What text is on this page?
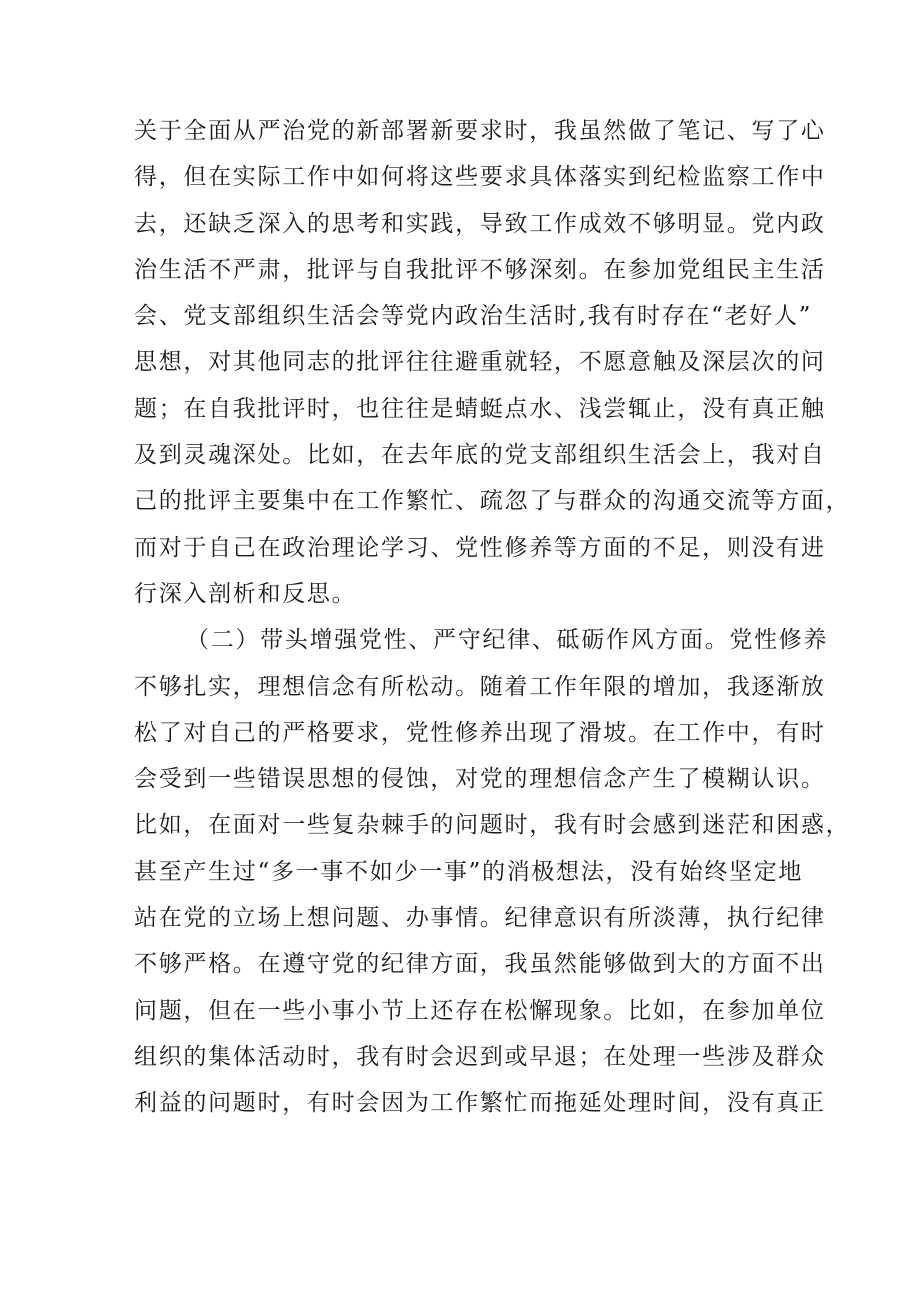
关于全面从严治党的新部署新要求时，我虽然做了笔记、写了心
得，但在实际工作中如何将这些要求具体落实到纪检监察工作中
去，还缺乏深入的思考和实践，导致工作成效不够明显。党内政
治生活不严肃，批评与自我批评不够深刻。在参加党组民主生活
会、党支部组织生活会等党内政治生活时,我有时存在“老好人”
思想，对其他同志的批评往往避重就轻，不愿意触及深层次的问
题；在自我批评时，也往往是蜻蜓点水、浅尝辄止，没有真正触
及到灵魂深处。比如，在去年底的党支部组织生活会上，我对自
己的批评主要集中在工作繁忙、疏忽了与群众的沟通交流等方面，
而对于自己在政治理论学习、党性修养等方面的不足，则没有进
行深入剖析和反思。
（二）带头增强党性、严守纪律、砥砺作风方面。党性修养
不够扎实，理想信念有所松动。随着工作年限的增加，我逐渐放
松了对自己的严格要求，党性修养出现了滑坡。在工作中，有时
会受到一些错误思想的侵蚀，对党的理想信念产生了模糊认识。
比如，在面对一些复杂棘手的问题时，我有时会感到迷茫和困惑，
甚至产生过“多一事不如少一事”的消极想法，没有始终坚定地
站在党的立场上想问题、办事情。纪律意识有所淡薄，执行纪律
不够严格。在遵守党的纪律方面，我虽然能够做到大的方面不出
问题，但在一些小事小节上还存在松懈现象。比如，在参加单位
组织的集体活动时，我有时会迟到或早退；在处理一些涉及群众
利益的问题时，有时会因为工作繁忙而拖延处理时间，没有真正
